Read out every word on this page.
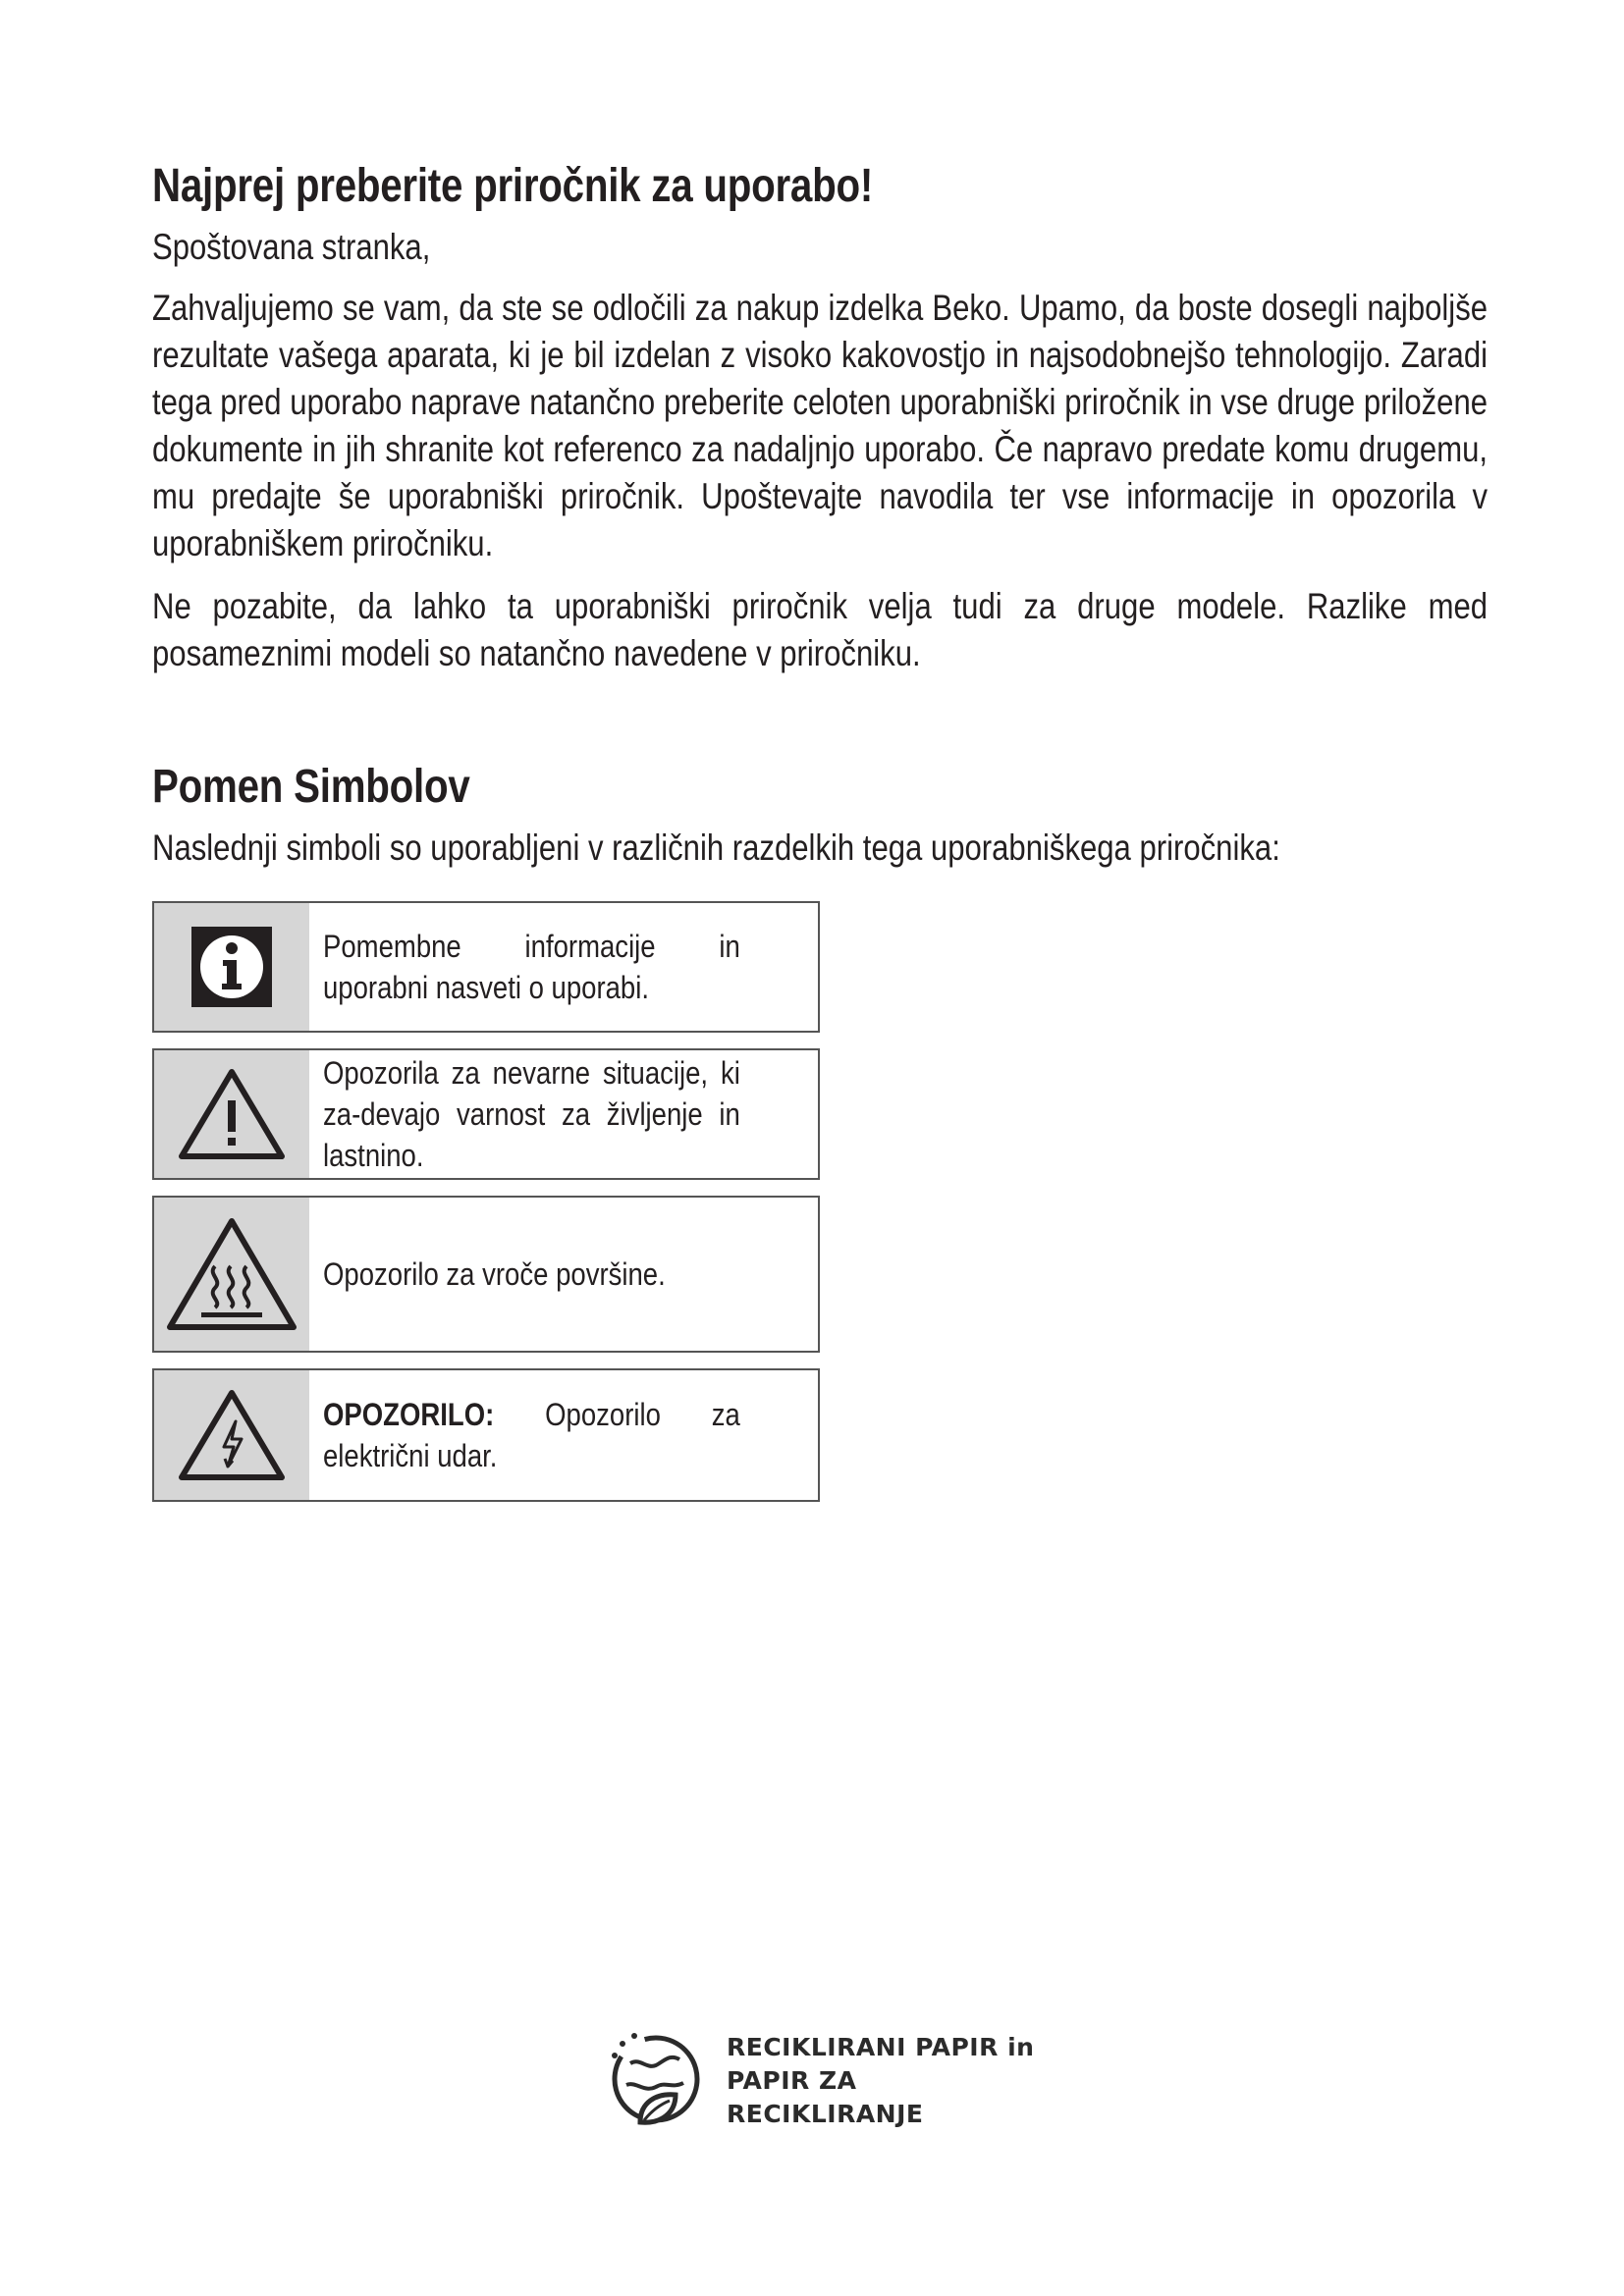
Najprej preberite priročnik za uporabo!

Spoštovana stranka,

Zahvaljujemo se vam, da ste se odločili za nakup izdelka Beko. Upamo, da boste dosegli najboljše rezultate vašega aparata, ki je bil izdelan z visoko kakovostjo in najsodobnejšo tehnologijo. Zaradi tega pred uporabo naprave natančno preberite celoten uporabniški priročnik in vse druge priložene dokumente in jih shranite kot referenco za nadaljnjo uporabo. Če napravo predate komu drugemu, mu predajte še uporabniški priročnik. Upoštevajte navodila ter vse informacije in opozorila v uporabniškem priročniku.

Ne pozabite, da lahko ta uporabniški priročnik velja tudi za druge modele. Razlike med posameznimi modeli so natančno navedene v priročniku.

Pomen Simbolov

Naslednji simboli so uporabljeni v različnih razdelkih tega uporabniškega priročnika:

Pomembne informacije in uporabni nasveti o uporabi.
Opozorila za nevarne situacije, ki za-devajo varnost za življenje in lastnino.
Opozorilo za vroče površine.
OPOZORILO: Opozorilo za električni udar.
RECIKLIRANI PAPIR in
PAPIR ZA RECIKLIRANJE
